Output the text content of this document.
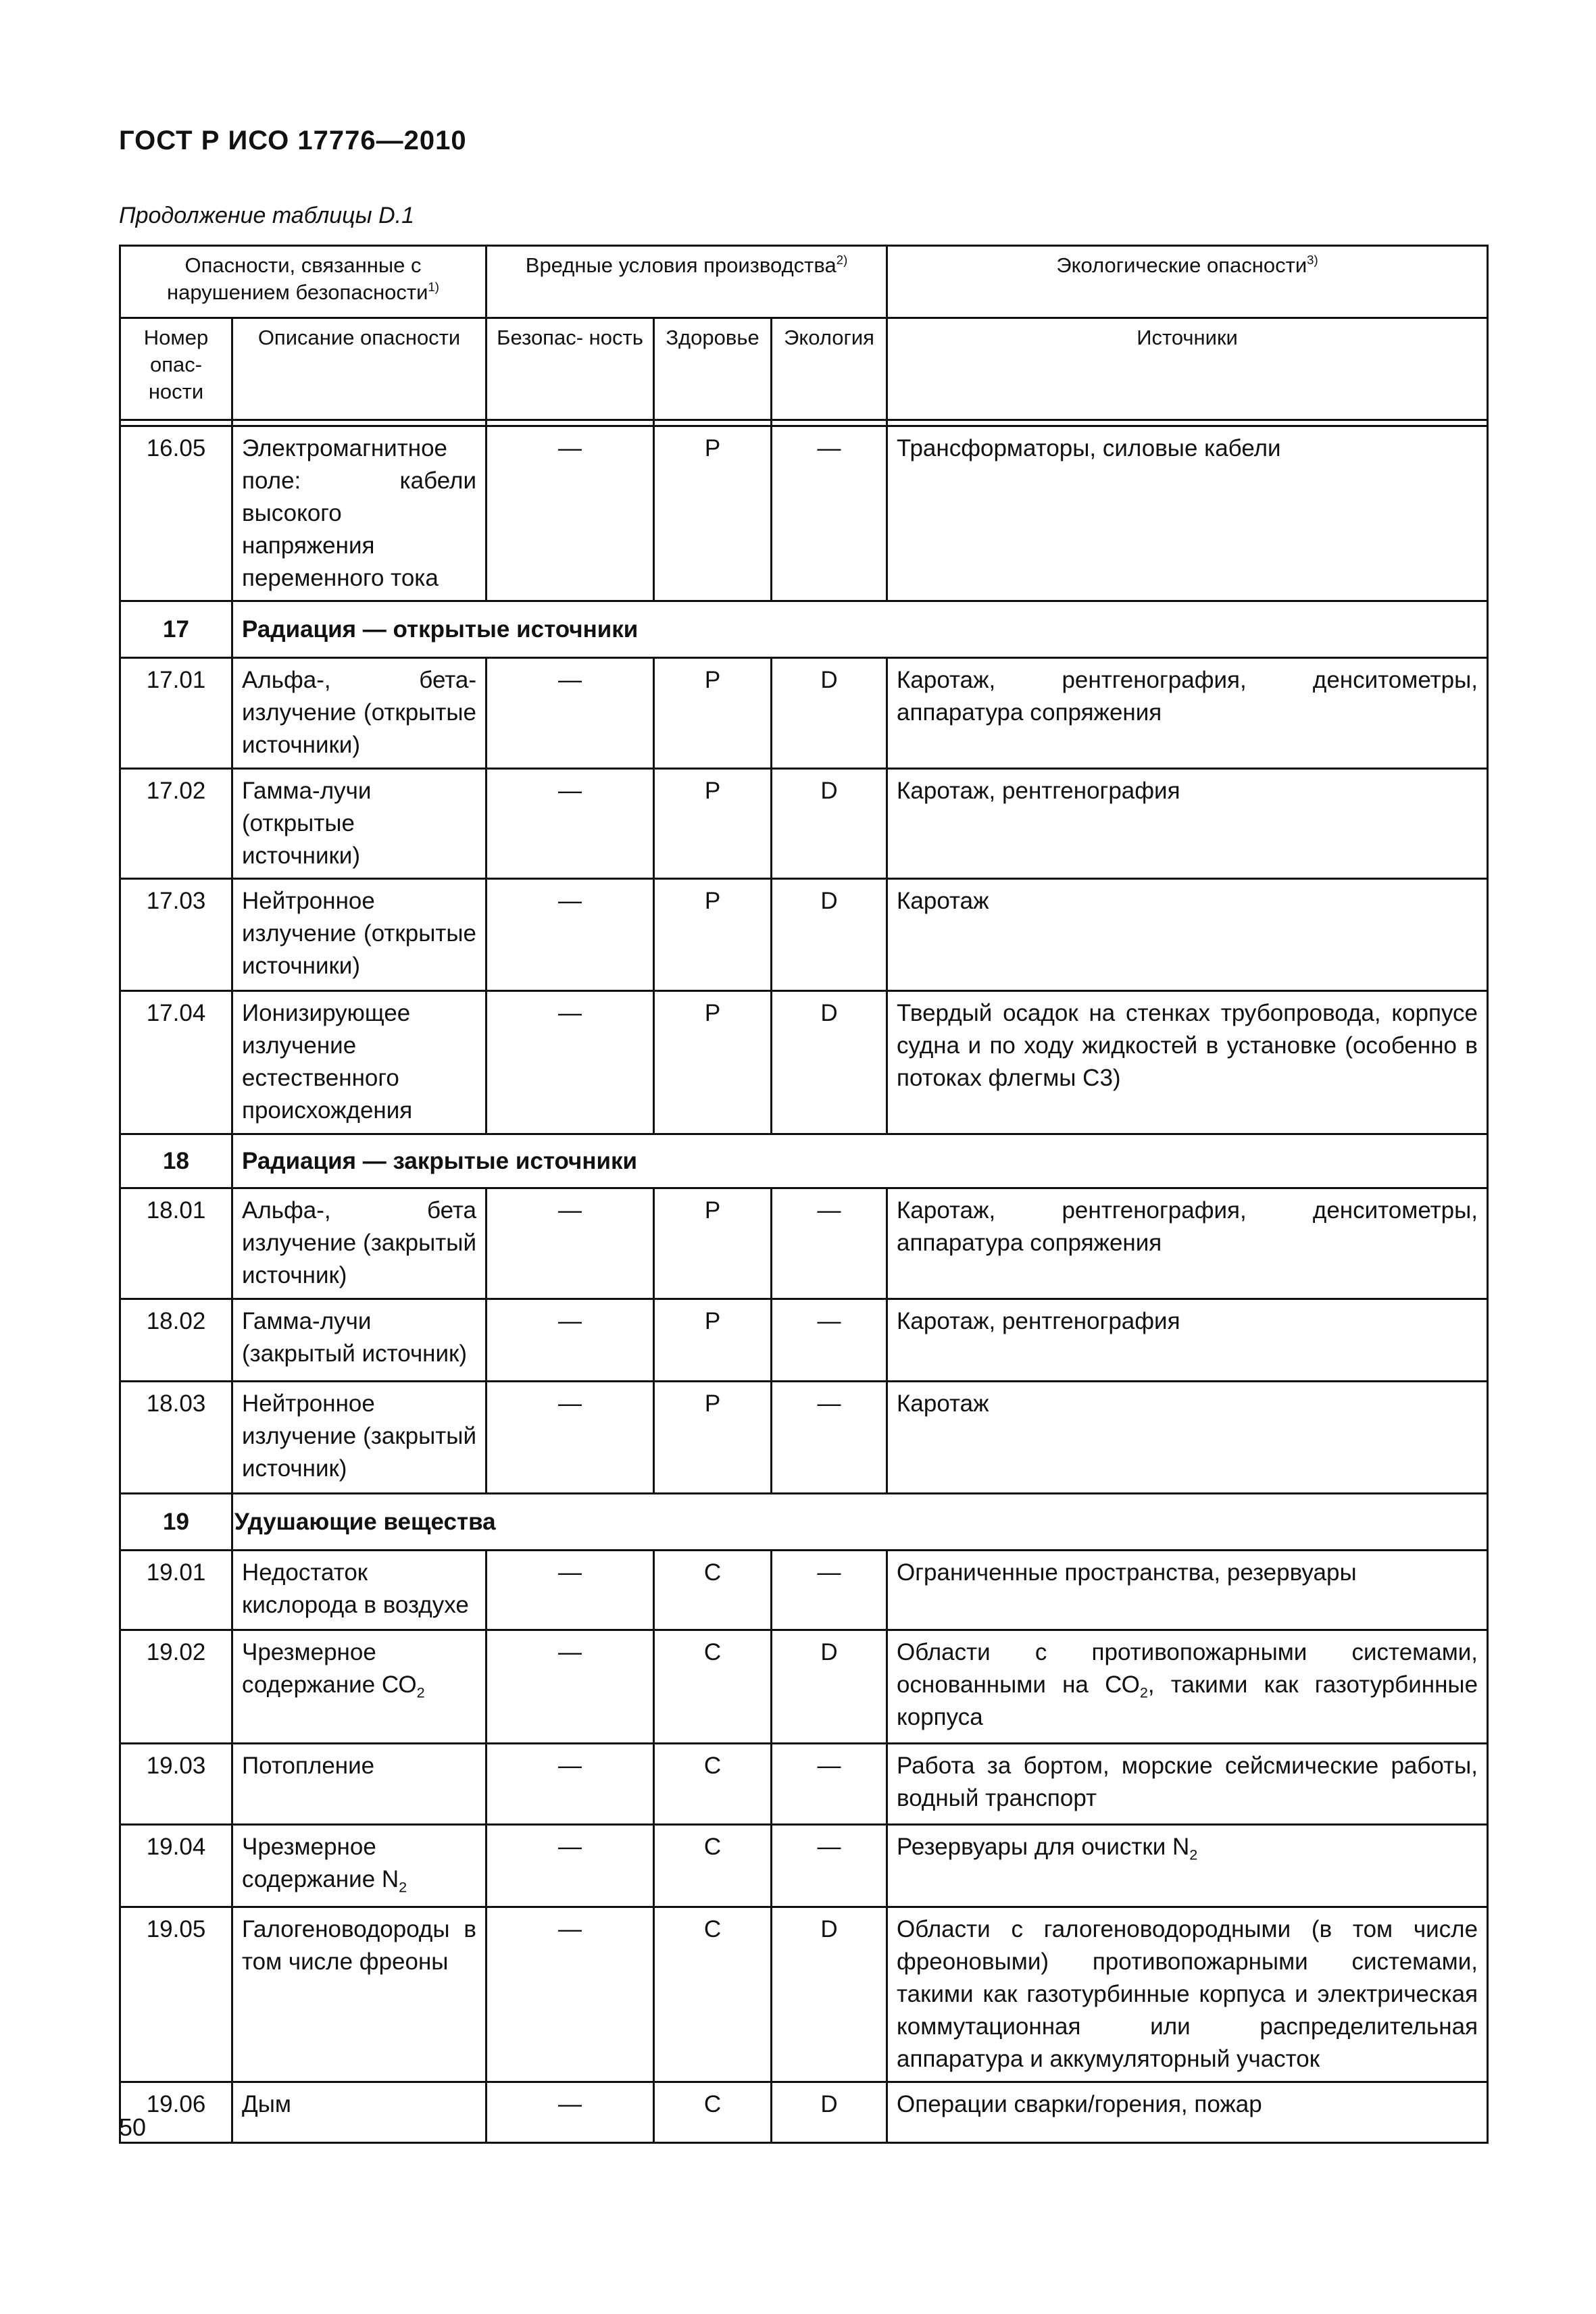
ГОСТ Р ИСО 17776—2010
Продолжение таблицы D.1
Опасности, связанные с нарушением безопасности$^{1)}$		Вредные условия производства$^{2)}$			Экологические опасности$^{3)}$
Номер опас- ности	Описание опасности	Безопас- ность	Здоровье	Экология	Источники

16.05	Электромагнитное поле: кабели высокого напряжения переменного тока	—	Р	—	Трансформаторы, силовые кабели
17	Радиация — открытые источники				
17.01	Альфа-, бета-излучение (открытые источники)	—	Р	D	Каротаж, рентгенография, денситометры, аппаратура сопряжения
17.02	Гамма-лучи (открытые источники)	—	Р	D	Каротаж, рентгенография
17.03	Нейтронное излучение (открытые источники)	—	Р	D	Каротаж
17.04	Ионизирующее излучение естественного происхождения	—	Р	D	Твердый осадок на стенках трубопровода, корпусе судна и по ходу жидкостей в установке (особенно в потоках флегмы С3)
18	Радиация — закрытые источники				
18.01	Альфа-, бета излучение (закрытый источник)	—	Р	—	Каротаж, рентгенография, денситометры, аппаратура сопряжения
18.02	Гамма-лучи (закрытый источник)	—	Р	—	Каротаж, рентгенография
18.03	Нейтронное излучение (закрытый источник)	—	Р	—	Каротаж
19	Удушающие вещества				
19.01	Недостаток кислорода в воздухе	—	С	—	Ограниченные пространства, резервуары
19.02	Чрезмерное содержание $СО_2$	—	С	D	Области с противопожарными системами, основанными на $СО_2$, такими как газотурбинные корпуса
19.03	Потопление	—	С	—	Работа за бортом, морские сейсмические работы, водный транспорт
19.04	Чрезмерное содержание $N_2$	—	С	—	Резервуары для очистки $N_2$
19.05	Галогеноводороды в том числе фреоны	—	С	D	Области с галогеноводородными (в том числе фреоновыми) противопожарными системами, такими как газотурбинные корпуса и электрическая коммутационная или распределительная аппаратура и аккумуляторный участок
19.06	Дым	—	С	D	Операции сварки/горения, пожар
50
